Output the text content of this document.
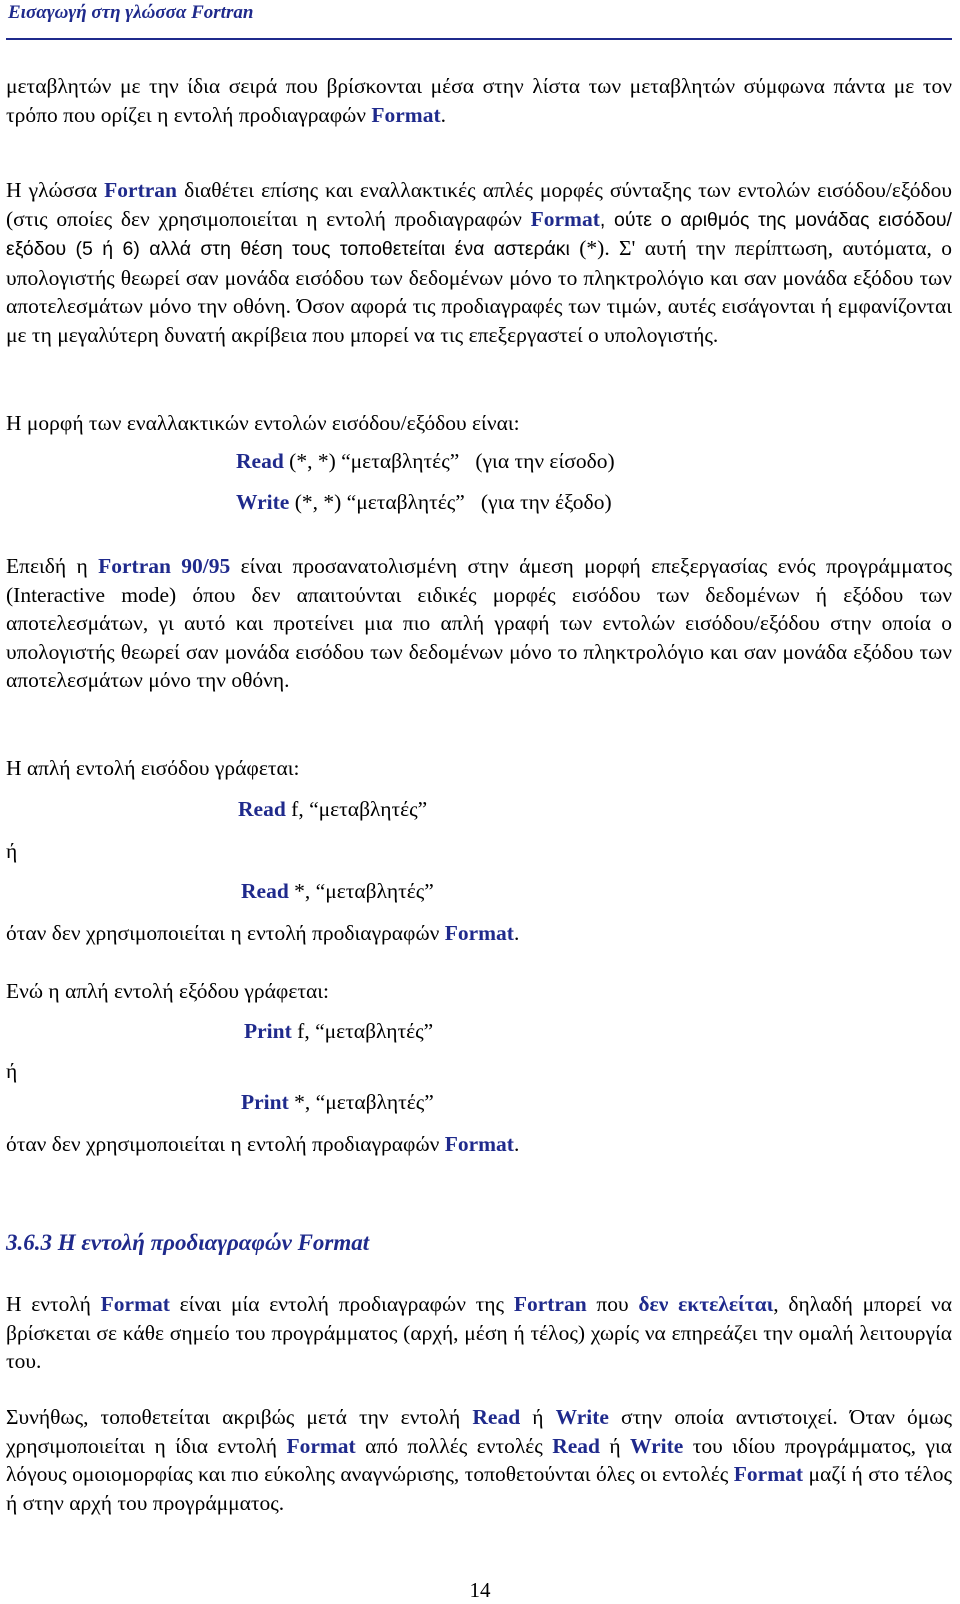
Εισαγωγή στη γλώσσα Fortran

μεταβλητών με την ίδια σειρά που βρίσκονται μέσα στην λίστα των μεταβλητών σύμφωνα πάντα με τον τρόπο που ορίζει η εντολή προδιαγραφών Format.

Η γλώσσα Fortran διαθέτει επίσης και εναλλακτικές απλές μορφές σύνταξης των εντολών εισόδου/εξόδου (στις οποίες δεν χρησιμοποιείται η εντολή προδιαγραφών Format, ούτε ο αριθμός της μονάδας εισόδου/εξόδου (5 ή 6) αλλά στη θέση τους τοποθετείται ένα αστεράκι (*). Σ' αυτή την περίπτωση, αυτόματα, ο υπολογιστής θεωρεί σαν μονάδα εισόδου των δεδομένων μόνο το πληκτρολόγιο και σαν μονάδα εξόδου των αποτελεσμάτων μόνο την οθόνη. Όσον αφορά τις προδιαγραφές των τιμών, αυτές εισάγονται ή εμφανίζονται με τη μεγαλύτερη δυνατή ακρίβεια που μπορεί να τις επεξεργαστεί ο υπολογιστής.

Η μορφή των εναλλακτικών εντολών εισόδου/εξόδου είναι:

Read (*, *) “μεταβλητές”   (για την είσοδο)
Write (*, *) “μεταβλητές”   (για την έξοδο)

Επειδή η Fortran 90/95 είναι προσανατολισμένη στην άμεση μορφή επεξεργασίας ενός προγράμματος (Interactive mode) όπου δεν απαιτούνται ειδικές μορφές εισόδου των δεδομένων ή εξόδου των αποτελεσμάτων, γι αυτό και προτείνει μια πιο απλή γραφή των εντολών εισόδου/εξόδου στην οποία ο υπολογιστής θεωρεί σαν μονάδα εισόδου των δεδομένων μόνο το πληκτρολόγιο και σαν μονάδα εξόδου των αποτελεσμάτων μόνο την οθόνη.

Η απλή εντολή εισόδου γράφεται:

Read f, “μεταβλητές”
ή
Read *, “μεταβλητές”
όταν δεν χρησιμοποιείται η εντολή προδιαγραφών Format.
Ενώ η απλή εντολή εξόδου γράφεται:
Print f, “μεταβλητές”
ή
Print *, “μεταβλητές”
όταν δεν χρησιμοποιείται η εντολή προδιαγραφών Format.
3.6.3 Η εντολή προδιαγραφών Format

Η εντολή Format είναι μία εντολή προδιαγραφών της Fortran που δεν εκτελείται, δηλαδή μπορεί να βρίσκεται σε κάθε σημείο του προγράμματος (αρχή, μέση ή τέλος) χωρίς να επηρεάζει την ομαλή λειτουργία του.

Συνήθως, τοποθετείται ακριβώς μετά την εντολή Read ή Write στην οποία αντιστοιχεί. Όταν όμως χρησιμοποιείται η ίδια εντολή Format από πολλές εντολές Read ή Write του ιδίου προγράμματος, για λόγους ομοιομορφίας και πιο εύκολης αναγνώρισης, τοποθετούνται όλες οι εντολές Format μαζί ή στο τέλος ή στην αρχή του προγράμματος.

14
